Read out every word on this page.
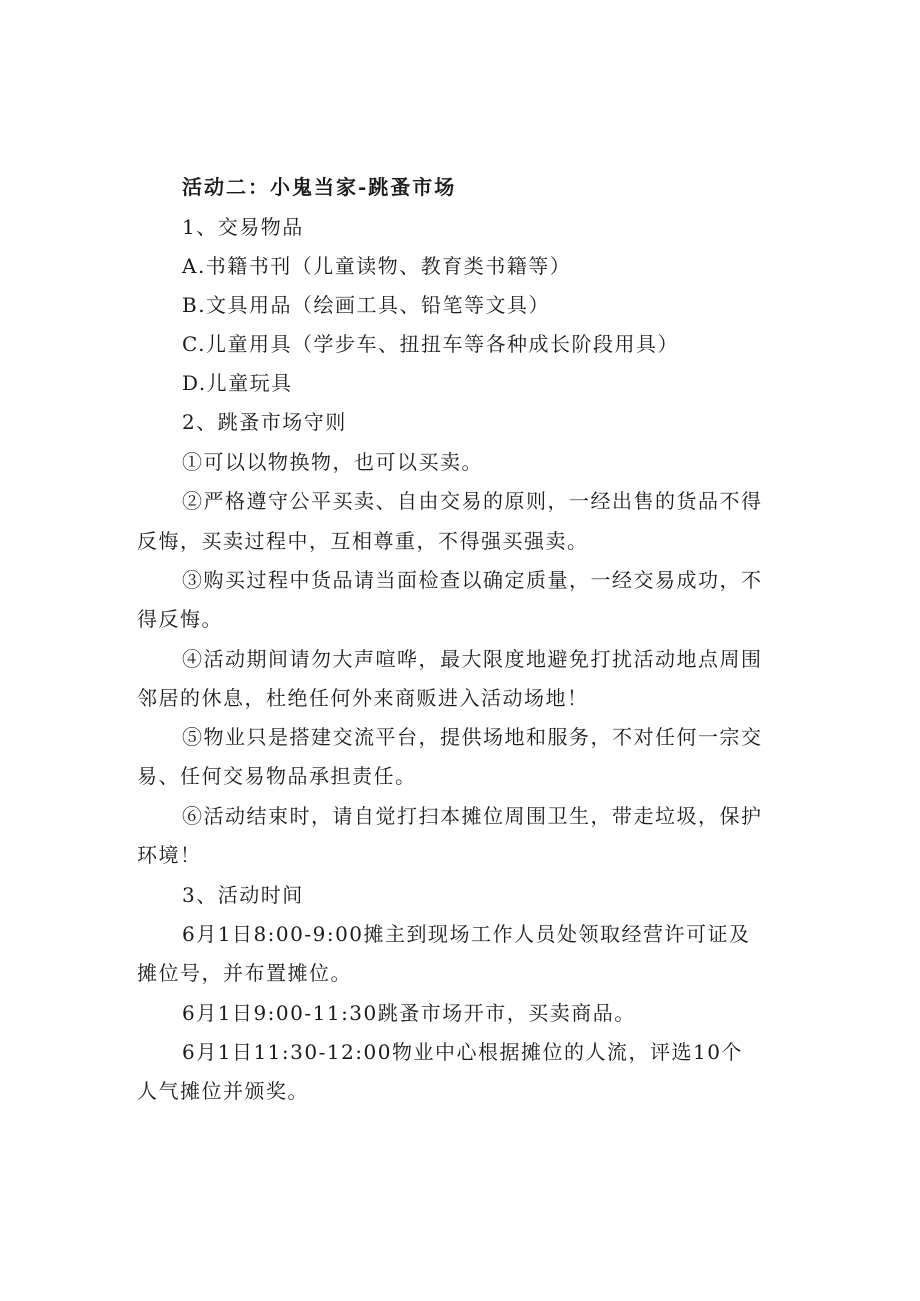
活动二：小鬼当家-跳蚤市场
1、交易物品
A.书籍书刊（儿童读物、教育类书籍等）
B.文具用品（绘画工具、铅笔等文具）
C.儿童用具（学步车、扭扭车等各种成长阶段用具）
D.儿童玩具
2、跳蚤市场守则
①可以以物换物，也可以买卖。
②严格遵守公平买卖、自由交易的原则，一经出售的货品不得
反悔，买卖过程中，互相尊重，不得强买强卖。
③购买过程中货品请当面检查以确定质量，一经交易成功，不
得反悔。
④活动期间请勿大声喧哗，最大限度地避免打扰活动地点周围
邻居的休息，杜绝任何外来商贩进入活动场地！
⑤物业只是搭建交流平台，提供场地和服务，不对任何一宗交
易、任何交易物品承担责任。
⑥活动结束时，请自觉打扫本摊位周围卫生，带走垃圾，保护
环境！
3、活动时间
6月1日8:00-9:00摊主到现场工作人员处领取经营许可证及
摊位号，并布置摊位。
6月1日9:00-11:30跳蚤市场开市，买卖商品。
6月1日11:30-12:00物业中心根据摊位的人流，评选10个
人气摊位并颁奖。
